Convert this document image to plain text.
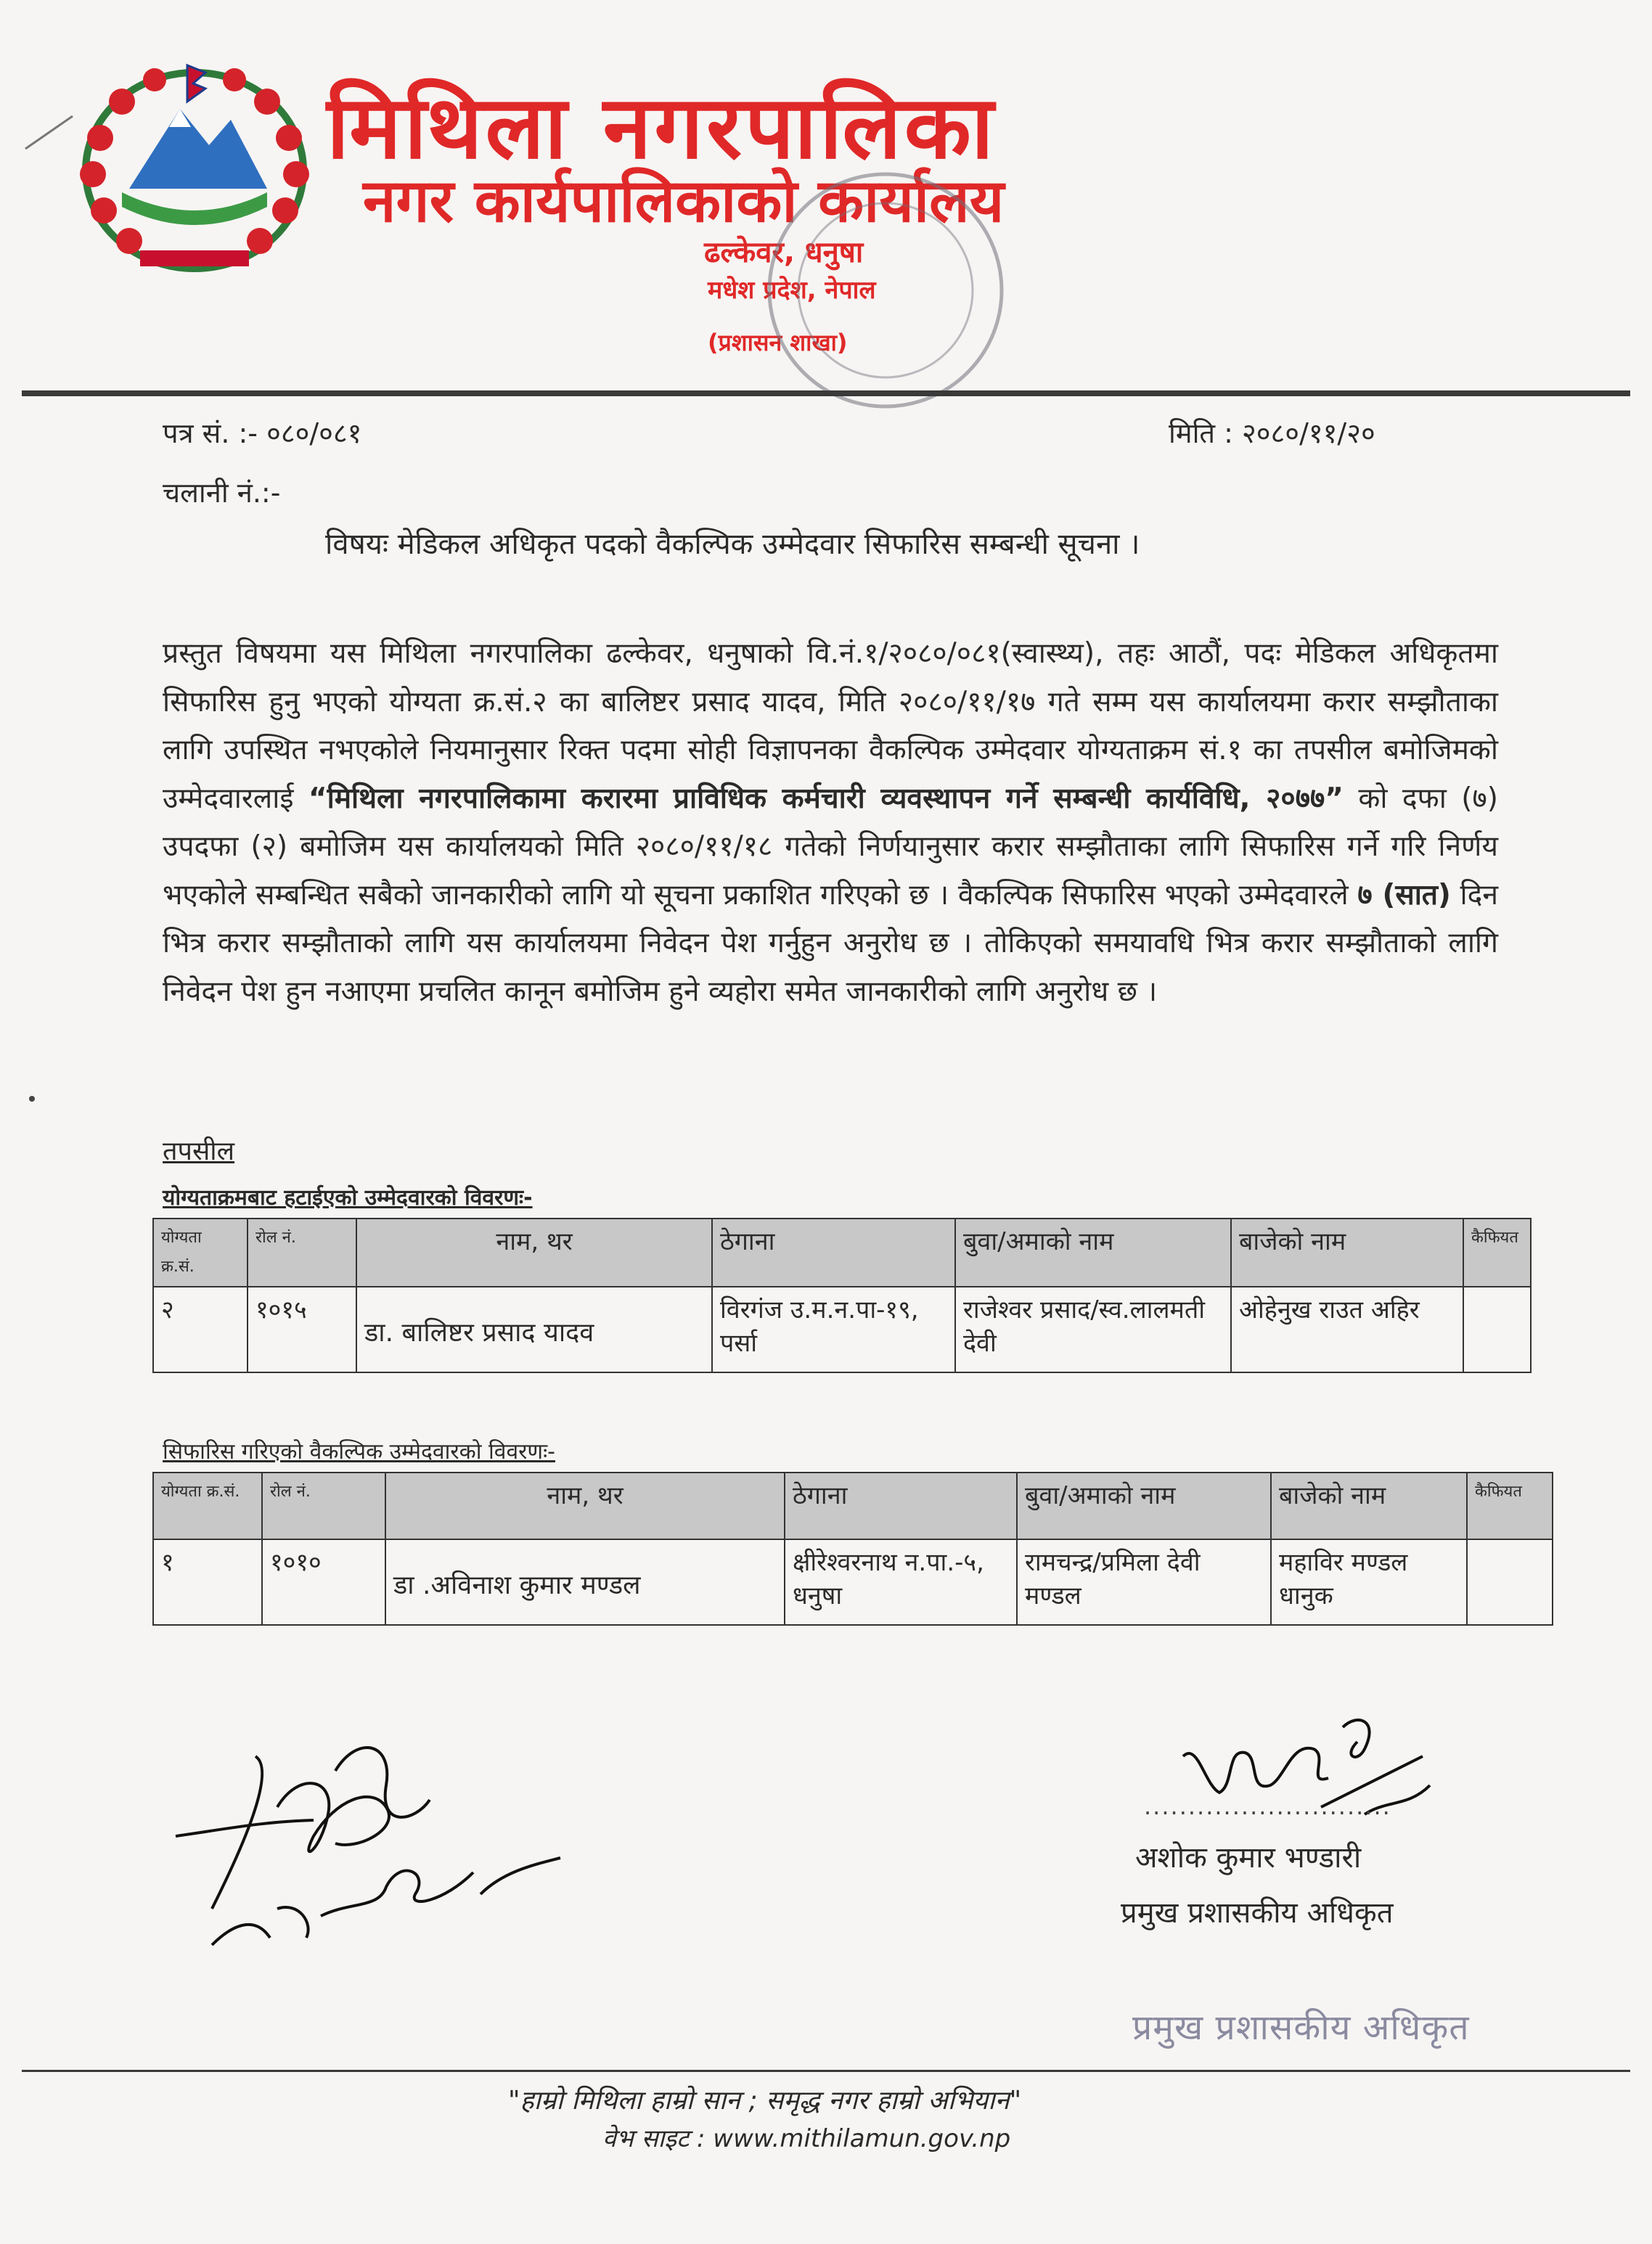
मिथिला नगरपालिका
नगर कार्यपालिकाको कार्यालय
ढल्केवर, धनुषा
मधेश प्रदेश, नेपाल
(प्रशासन शाखा)
पत्र सं. :- ०८०/०८१	मिति : २०८०/११/२०
चलानी नं.:-
विषयः मेडिकल अधिकृत पदको वैकल्पिक उम्मेदवार सिफारिस सम्बन्धी सूचना ।
प्रस्तुत विषयमा यस मिथिला नगरपालिका ढल्केवर, धनुषाको वि.नं.१/२०८०/०८१(स्वास्थ्य), तहः आठौं, पदः मेडिकल अधिकृतमा सिफारिस हुनु भएको योग्यता क्र.सं.२ का बालिष्टर प्रसाद यादव, मिति २०८०/११/१७ गते सम्म यस कार्यालयमा करार सम्झौताका लागि उपस्थित नभएकोले नियमानुसार रिक्त पदमा सोही विज्ञापनका वैकल्पिक उम्मेदवार योग्यताक्रम सं.१ का तपसील बमोजिमको उम्मेदवारलाई “मिथिला नगरपालिकामा करारमा प्राविधिक कर्मचारी व्यवस्थापन गर्ने सम्बन्धी कार्यविधि, २०७७” को दफा (७) उपदफा (२) बमोजिम यस कार्यालयको मिति २०८०/११/१८ गतेको निर्णयानुसार करार सम्झौताका लागि सिफारिस गर्ने गरि निर्णय भएकोले सम्बन्धित सबैको जानकारीको लागि यो सूचना प्रकाशित गरिएको छ । वैकल्पिक सिफारिस भएको उम्मेदवारले ७ (सात) दिन भित्र करार सम्झौताको लागि यस कार्यालयमा निवेदन पेश गर्नुहुन अनुरोध छ । तोकिएको समयावधि भित्र करार सम्झौताको लागि निवेदन पेश हुन नआएमा प्रचलित कानून बमोजिम हुने व्यहोरा समेत जानकारीको लागि अनुरोध छ ।
तपसील
योग्यताक्रमबाट हटाईएको उम्मेदवारको विवरणः-
योग्यता क्र.सं.	रोल नं.	नाम, थर	ठेगाना	बुवा/अमाको नाम	बाजेको नाम	कैफियत
२	१०१५	डा. बालिष्टर प्रसाद यादव	विरगंज उ.म.न.पा-१९, पर्सा	राजेश्वर प्रसाद/स्व.लालमती देवी	ओहेनुख राउत अहिर	
सिफारिस गरिएको वैकल्पिक उम्मेदवारको विवरणः-
योग्यता क्र.सं.	रोल नं.	नाम, थर	ठेगाना	बुवा/अमाको नाम	बाजेको नाम	कैफियत
१	१०१०	डा .अविनाश कुमार मण्डल	क्षीरेश्वरनाथ न.पा.-५, धनुषा	रामचन्द्र/प्रमिला देवी मण्डल	महाविर मण्डल धानुक	
............................
अशोक कुमार भण्डारी
प्रमुख प्रशासकीय अधिकृत
प्रमुख प्रशासकीय अधिकृत
"हाम्रो मिथिला हाम्रो सान ; समृद्ध नगर हाम्रो अभियान"
वेभ साइट : www.mithilamun.gov.np
